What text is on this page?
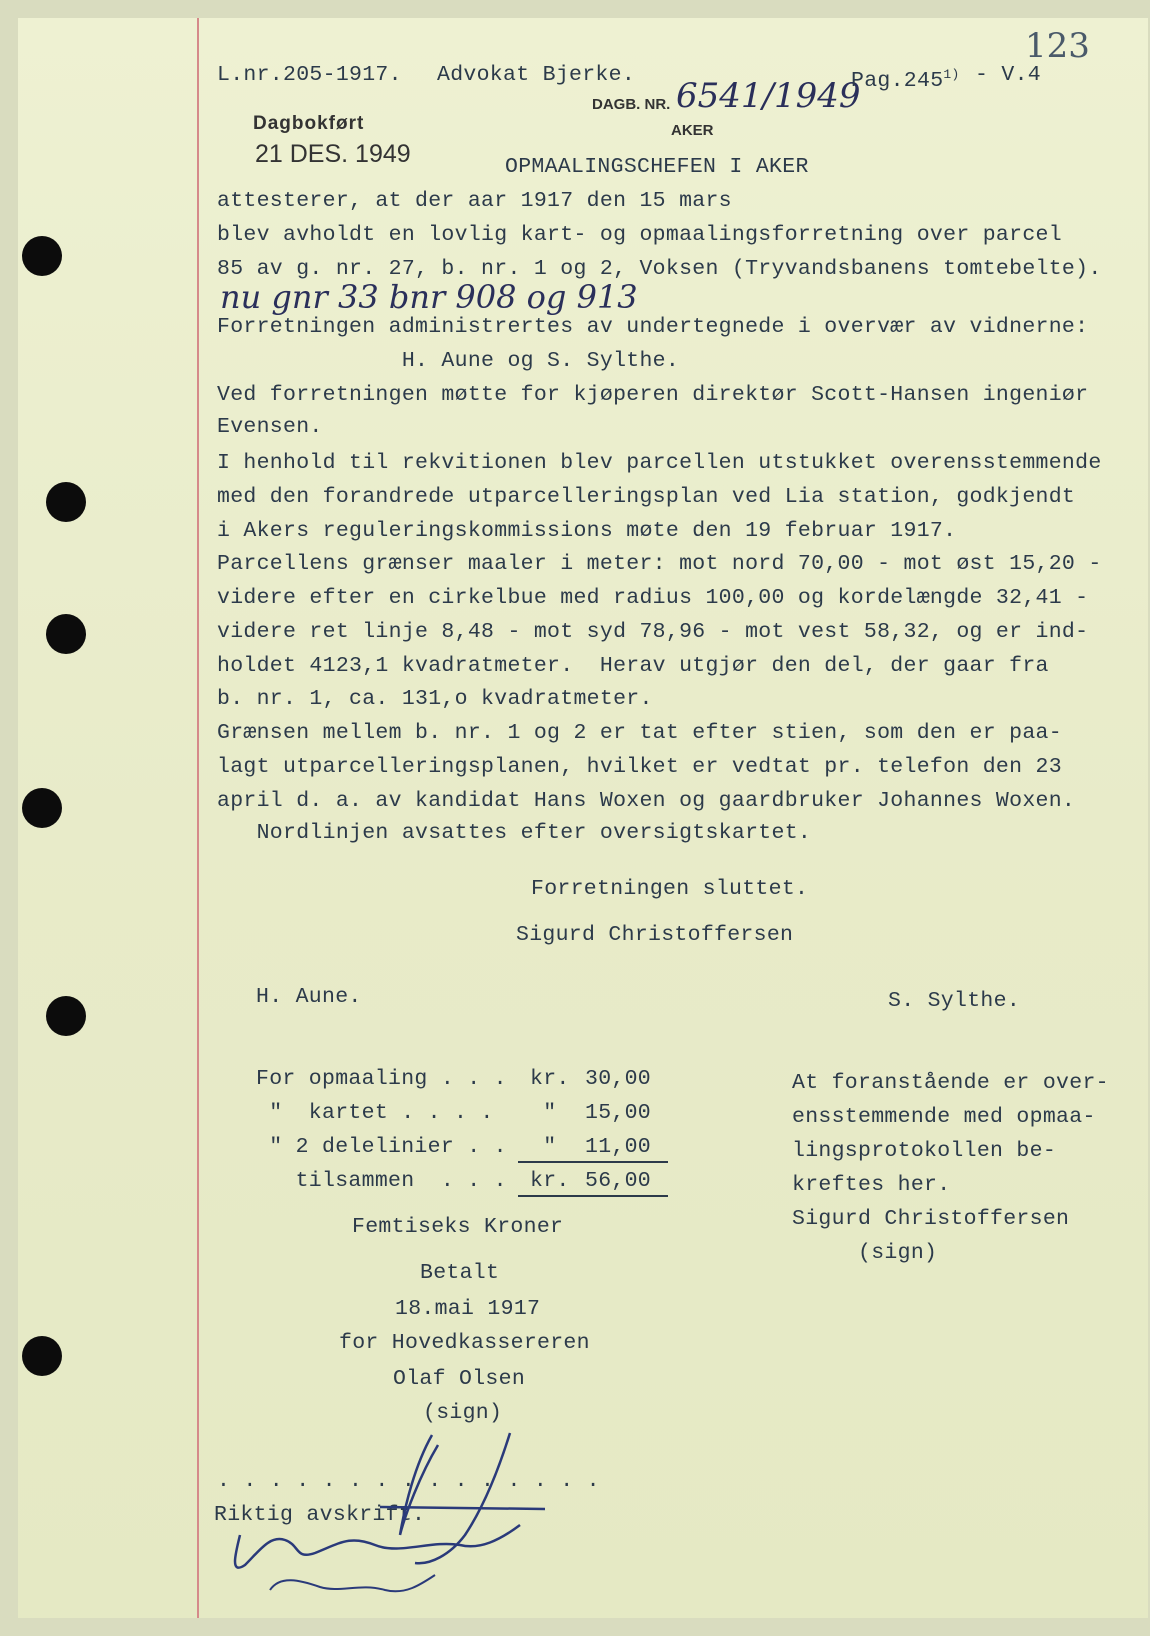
L.nr.205-1917. Advokat Bjerke.
DAGB. NR. 6541/1949
AKER
Pag.245$^{1)}$ - V.4
123
Dagbokført
21 DES. 1949	OPMAALINGSCHEFEN I AKER
attesterer, at der aar 1917 den 15 mars
blev avholdt en lovlig kart- og opmaalingsforretning over parcel
85 av g. nr. 27, b. nr. 1 og 2, Voksen (Tryvandsbanens tomtebelte).
nu gnr 33 bnr 908 og 913
Forretningen administrertes av undertegnede i overvær av vidnerne:
H. Aune og S. Sylthe.
Ved forretningen møtte for kjøperen direktør Scott-Hansen ingeniør
Evensen.
I henhold til rekvitionen blev parcellen utstukket overensstemmende
med den forandrede utparcelleringsplan ved Lia station, godkjendt
i Akers reguleringskommissions møte den 19 februar 1917.
Parcellens grænser maaler i meter: mot nord 70,00 - mot øst 15,20 -
videre efter en cirkelbue med radius 100,00 og kordelængde 32,41 -
videre ret linje 8,48 - mot syd 78,96 - mot vest 58,32, og er ind-
holdet 4123,1 kvadratmeter.  Herav utgjør den del, der gaar fra
b. nr. 1, ca. 131,o kvadratmeter.
Grænsen mellem b. nr. 1 og 2 er tat efter stien, som den er paa-
lagt utparcelleringsplanen, hvilket er vedtat pr. telefon den 23
april d. a. av kandidat Hans Woxen og gaardbruker Johannes Woxen.
Nordlinjen avsattes efter oversigtskartet.
Forretningen sluttet.
Sigurd Christoffersen
H. Aune.	S. Sylthe.
For opmaaling . . . kr. 30,00
"  kartet . . . . " 15,00
" 2 delelinier . . " 11,00
tilsammen  . . . kr. 56,00
Femtiseks Kroner
Betalt
18.mai 1917
for Hovedkassereren
Olaf Olsen
(sign)
At foranstående er over-
ensstemmende med opmaa-
lingsprotokollen be-
kreftes her.
Sigurd Christoffersen
(sign)
. . . . . . . . . . . . . . .
Riktig avskrift.
